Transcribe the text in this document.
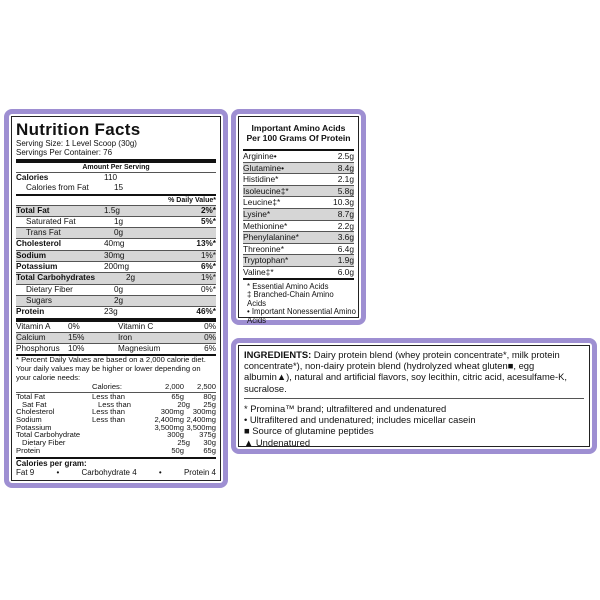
Nutrition Facts
Serving Size: 1 Level Scoop (30g)
Servings Per Container: 76
Amount Per Serving
Calories	110
Calories from Fat	15
% Daily Value*
Total Fat	1.5g	2%*
Saturated Fat	1g	5%*
Trans Fat	0g
Cholesterol	40mg	13%*
Sodium	30mg	1%*
Potassium	200mg	6%*
Total Carbohydrates	2g	1%*
Dietary Fiber	0g	0%*
Sugars	2g
Protein	23g	46%*
Vitamin A	0%	Vitamin C	0%
Calcium	15%	Iron	0%
Phosphorus	10%	Magnesium	6%
* Percent Daily Values are based on a 2,000 calorie diet. Your daily values may be higher or lower depending on your calorie needs:
Calories:	2,000	2,500
Total Fat	Less than	65g	80g
Sat Fat	Less than	20g	25g
Cholesterol	Less than	300mg	300mg
Sodium	Less than	2,400mg 2,400mg
Potassium	3,500mg 3,500mg
Total Carbohydrate	300g	375g
Dietary Fiber	25g	30g
Protein	50g	65g
Calories per gram:
Fat 9	•	Carbohydrate 4	•	Protein 4
Important Amino Acids
Per 100 Grams Of Protein
Arginine•	2.5g
Glutamine•	8.4g
Histidine*	2.1g
Isoleucine‡*	5.8g
Leucine‡*	10.3g
Lysine*	8.7g
Methionine*	2.2g
Phenylalanine*	3.6g
Threonine*	6.4g
Tryptophan*	1.9g
Valine‡*	6.0g
* Essential Amino Acids
‡ Branched-Chain Amino Acids
• Important Nonessential Amino Acids
INGREDIENTS: Dairy protein blend (whey protein concentrate*, milk protein concentrate*), non-dairy protein blend (hydrolyzed wheat gluten■, egg albumin▲), natural and artificial flavors, soy lecithin, citric acid, acesulfame-K, sucralose.
* Promina™ brand; ultrafiltered and undenatured
• Ultrafiltered and undenatured; includes micellar casein
■ Source of glutamine peptides
▲ Undenatured
